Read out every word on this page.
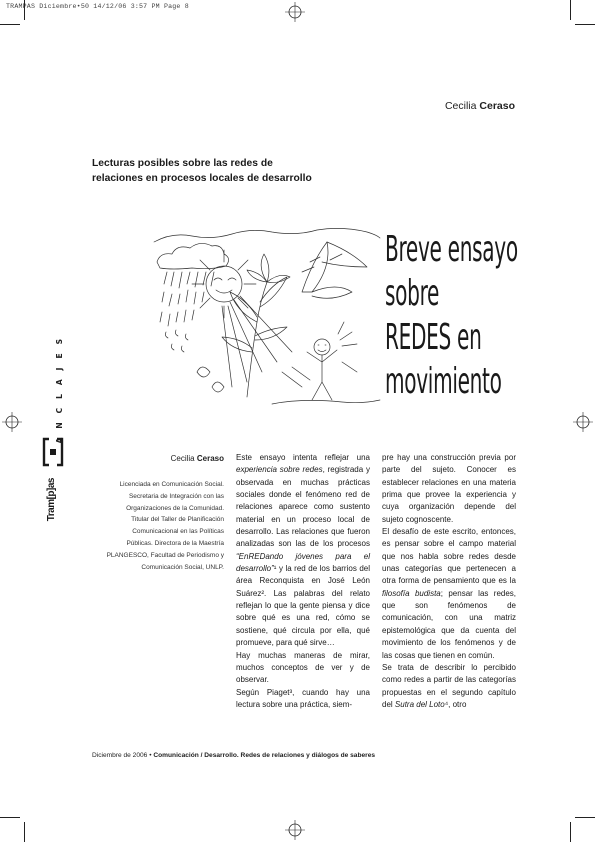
TRAMPAS Diciembre•50 14/12/06 3:57 PM Page 8
Cecilia Ceraso
Lecturas posibles sobre las redes de
relaciones en procesos locales de desarrollo
Breve ensayo
sobre
REDES en
movimiento
ANCLAJES
Tram[p]as
Cecilia Ceraso
Licenciada en Comunicación Social.
Secretaria de Integración con las
Organizaciones de la Comunidad.
Titular del Taller de Planificación
Comunicacional en las Políticas
Públicas. Directora de la Maestría
PLANGESCO, Facultad de Periodismo y
Comunicación Social, UNLP.

Este ensayo intenta reflejar una experiencia sobre redes, registrada y observada en muchas prácticas sociales donde el fenómeno red de relaciones aparece como sustento material en un proceso local de desarrollo. Las relaciones que fueron analizadas son las de los procesos “EnREDando jóvenes para el desarrollo”¹ y la red de los barrios del área Reconquista en José León Suárez². Las palabras del relato reflejan lo que la gente piensa y dice sobre qué es una red, cómo se sostiene, qué circula por ella, qué promueve, para qué sirve…

Hay muchas maneras de mirar, muchos conceptos de ver y de observar.

Según Piaget³, cuando hay una lectura sobre una práctica, siem-

pre hay una construcción previa por parte del sujeto. Conocer es establecer relaciones en una materia prima que provee la experiencia y cuya organización depende del sujeto cognoscente.

El desafío de este escrito, entonces, es pensar sobre el campo material que nos habla sobre redes desde unas categorías que pertenecen a otra forma de pensamiento que es la filosofía budista; pensar las redes, que son fenómenos de comunicación, con una matriz epistemológica que da cuenta del movimiento de los fenómenos y de las cosas que tienen en común.

Se trata de describir lo percibido como redes a partir de las categorías propuestas en el segundo capítulo del Sutra del Loto⁴, otro

Diciembre de 2006 • Comunicación / Desarrollo. Redes de relaciones y diálogos de saberes
